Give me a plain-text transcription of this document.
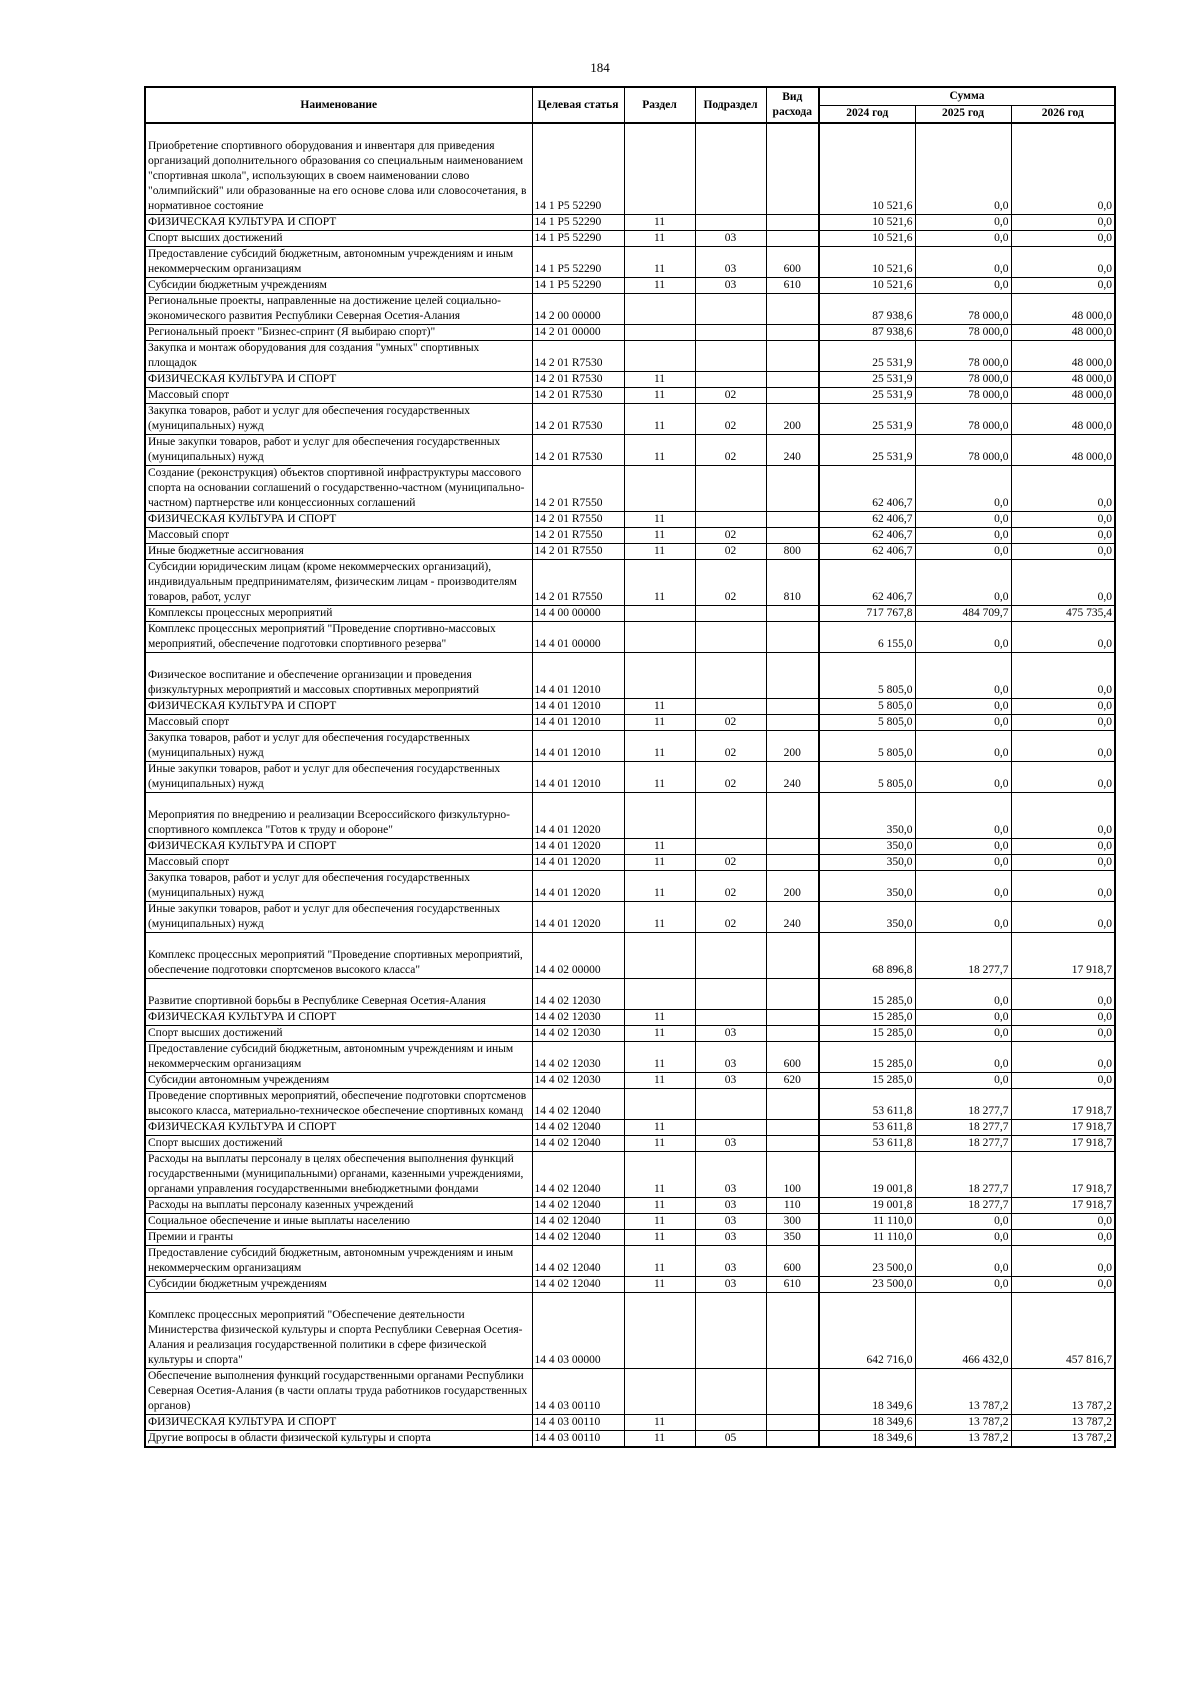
184
Наименование	Целевая статья	Раздел	Подраздел	Вид расхода	Сумма		
					2024 год	2025 год	2026 год
Приобретение спортивного оборудования и инвентаря для приведения организаций дополнительного образования со специальным наименованием "спортивная школа", использующих в своем наименовании слово "олимпийский" или образованные на его основе слова или словосочетания, в нормативное состояние	14 1 P5 52290				10 521,6	0,0	0,0
ФИЗИЧЕСКАЯ КУЛЬТУРА И СПОРТ	14 1 P5 52290	11			10 521,6	0,0	0,0
Спорт высших достижений	14 1 P5 52290	11	03		10 521,6	0,0	0,0
Предоставление субсидий бюджетным, автономным учреждениям и иным некоммерческим организациям	14 1 P5 52290	11	03	600	10 521,6	0,0	0,0
Субсидии бюджетным учреждениям	14 1 P5 52290	11	03	610	10 521,6	0,0	0,0
Региональные проекты, направленные на достижение целей социально-экономического развития Республики Северная Осетия-Алания	14 2 00 00000				87 938,6	78 000,0	48 000,0
Региональный проект "Бизнес-спринт (Я выбираю спорт)"	14 2 01 00000				87 938,6	78 000,0	48 000,0
Закупка и монтаж оборудования для создания "умных" спортивных площадок	14 2 01 R7530				25 531,9	78 000,0	48 000,0
ФИЗИЧЕСКАЯ КУЛЬТУРА И СПОРТ	14 2 01 R7530	11			25 531,9	78 000,0	48 000,0
Массовый спорт	14 2 01 R7530	11	02		25 531,9	78 000,0	48 000,0
Закупка товаров, работ и услуг для обеспечения государственных (муниципальных) нужд	14 2 01 R7530	11	02	200	25 531,9	78 000,0	48 000,0
Иные закупки товаров, работ и услуг для обеспечения государственных (муниципальных) нужд	14 2 01 R7530	11	02	240	25 531,9	78 000,0	48 000,0
Создание (реконструкция) объектов спортивной инфраструктуры массового спорта на основании соглашений о государственно-частном (муниципально-частном) партнерстве или концессионных соглашений	14 2 01 R7550				62 406,7	0,0	0,0
ФИЗИЧЕСКАЯ КУЛЬТУРА И СПОРТ	14 2 01 R7550	11			62 406,7	0,0	0,0
Массовый спорт	14 2 01 R7550	11	02		62 406,7	0,0	0,0
Иные бюджетные ассигнования	14 2 01 R7550	11	02	800	62 406,7	0,0	0,0
Субсидии юридическим лицам (кроме некоммерческих организаций), индивидуальным предпринимателям, физическим лицам - производителям товаров, работ, услуг	14 2 01 R7550	11	02	810	62 406,7	0,0	0,0
Комплексы процессных мероприятий	14 4 00 00000				717 767,8	484 709,7	475 735,4
Комплекс процессных мероприятий "Проведение спортивно-массовых мероприятий, обеспечение подготовки спортивного резерва"	14 4 01 00000				6 155,0	0,0	0,0
Физическое воспитание и обеспечение организации и проведения физкультурных мероприятий и массовых спортивных мероприятий	14 4 01 12010				5 805,0	0,0	0,0
ФИЗИЧЕСКАЯ КУЛЬТУРА И СПОРТ	14 4 01 12010	11			5 805,0	0,0	0,0
Массовый спорт	14 4 01 12010	11	02		5 805,0	0,0	0,0
Закупка товаров, работ и услуг для обеспечения государственных (муниципальных) нужд	14 4 01 12010	11	02	200	5 805,0	0,0	0,0
Иные закупки товаров, работ и услуг для обеспечения государственных (муниципальных) нужд	14 4 01 12010	11	02	240	5 805,0	0,0	0,0
Мероприятия по внедрению и реализации Всероссийского физкультурно-спортивного комплекса "Готов к труду и обороне"	14 4 01 12020				350,0	0,0	0,0
ФИЗИЧЕСКАЯ КУЛЬТУРА И СПОРТ	14 4 01 12020	11			350,0	0,0	0,0
Массовый спорт	14 4 01 12020	11	02		350,0	0,0	0,0
Закупка товаров, работ и услуг для обеспечения государственных (муниципальных) нужд	14 4 01 12020	11	02	200	350,0	0,0	0,0
Иные закупки товаров, работ и услуг для обеспечения государственных (муниципальных) нужд	14 4 01 12020	11	02	240	350,0	0,0	0,0
Комплекс процессных мероприятий "Проведение спортивных мероприятий, обеспечение подготовки спортсменов высокого класса"	14 4 02 00000				68 896,8	18 277,7	17 918,7
Развитие спортивной борьбы в Республике Северная Осетия-Алания	14 4 02 12030				15 285,0	0,0	0,0
ФИЗИЧЕСКАЯ КУЛЬТУРА И СПОРТ	14 4 02 12030	11			15 285,0	0,0	0,0
Спорт высших достижений	14 4 02 12030	11	03		15 285,0	0,0	0,0
Предоставление субсидий бюджетным, автономным учреждениям и иным некоммерческим организациям	14 4 02 12030	11	03	600	15 285,0	0,0	0,0
Субсидии автономным учреждениям	14 4 02 12030	11	03	620	15 285,0	0,0	0,0
Проведение спортивных мероприятий, обеспечение подготовки спортсменов высокого класса, материально-техническое обеспечение спортивных команд	14 4 02 12040				53 611,8	18 277,7	17 918,7
ФИЗИЧЕСКАЯ КУЛЬТУРА И СПОРТ	14 4 02 12040	11			53 611,8	18 277,7	17 918,7
Спорт высших достижений	14 4 02 12040	11	03		53 611,8	18 277,7	17 918,7
Расходы на выплаты персоналу в целях обеспечения выполнения функций государственными (муниципальными) органами, казенными учреждениями, органами управления государственными внебюджетными фондами	14 4 02 12040	11	03	100	19 001,8	18 277,7	17 918,7
Расходы на выплаты персоналу казенных учреждений	14 4 02 12040	11	03	110	19 001,8	18 277,7	17 918,7
Социальное обеспечение и иные выплаты населению	14 4 02 12040	11	03	300	11 110,0	0,0	0,0
Премии и гранты	14 4 02 12040	11	03	350	11 110,0	0,0	0,0
Предоставление субсидий бюджетным, автономным учреждениям и иным некоммерческим организациям	14 4 02 12040	11	03	600	23 500,0	0,0	0,0
Субсидии бюджетным учреждениям	14 4 02 12040	11	03	610	23 500,0	0,0	0,0
Комплекс процессных мероприятий "Обеспечение деятельности Министерства физической культуры и спорта Республики Северная Осетия-Алания и реализация государственной политики в сфере физической культуры и спорта"	14 4 03 00000				642 716,0	466 432,0	457 816,7
Обеспечение выполнения функций государственными органами Республики Северная Осетия-Алания (в части оплаты труда работников государственных органов)	14 4 03 00110				18 349,6	13 787,2	13 787,2
ФИЗИЧЕСКАЯ КУЛЬТУРА И СПОРТ	14 4 03 00110	11			18 349,6	13 787,2	13 787,2
Другие вопросы в области физической культуры и спорта	14 4 03 00110	11	05		18 349,6	13 787,2	13 787,2
